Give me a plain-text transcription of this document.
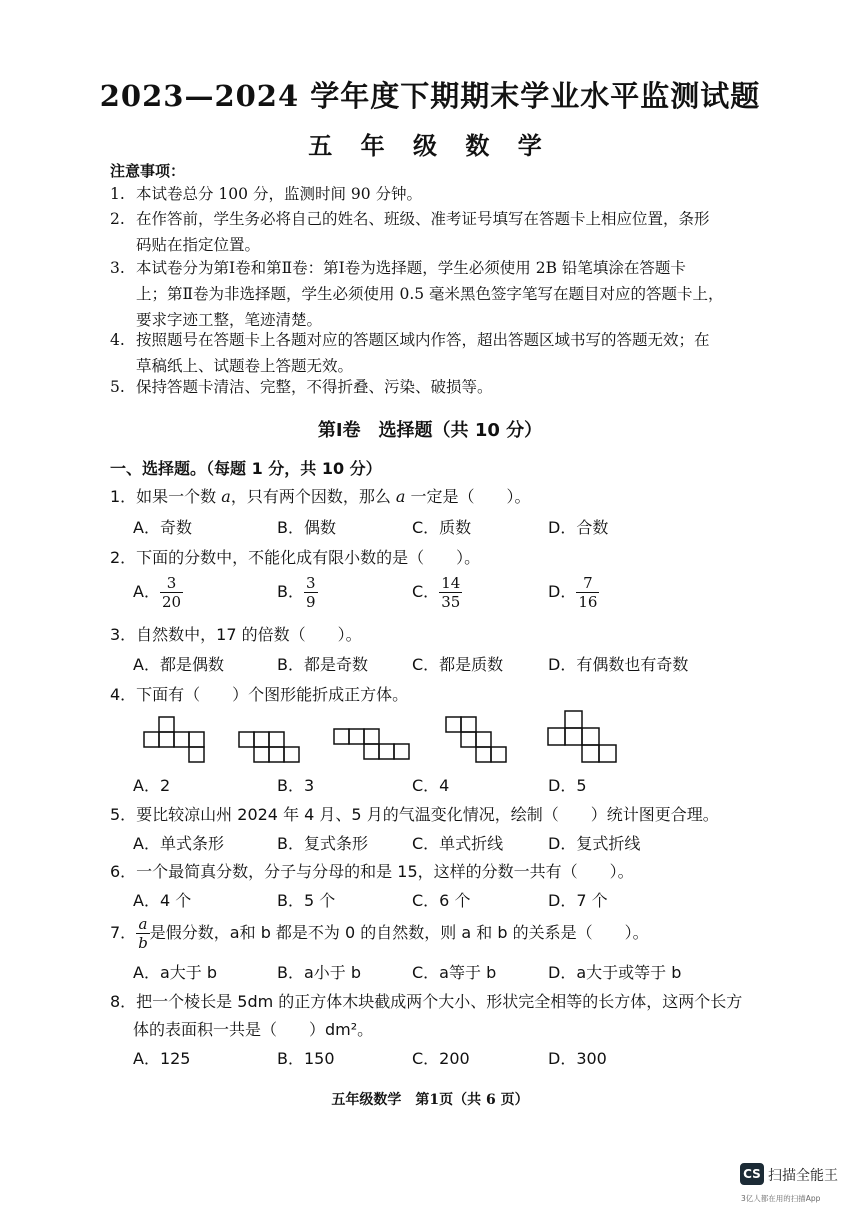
2023—2024 学年度下期期末学业水平监测试题
五 年 级 数 学
注意事项：
1. 本试卷总分 100 分，监测时间 90 分钟。
2. 在作答前，学生务必将自己的姓名、班级、准考证号填写在答题卡上相应位置，条形
码贴在指定位置。
3. 本试卷分为第Ⅰ卷和第Ⅱ卷：第Ⅰ卷为选择题，学生必须使用 2B 铅笔填涂在答题卡
上；第Ⅱ卷为非选择题，学生必须使用 0.5 毫米黑色签字笔写在题目对应的答题卡上，
要求字迹工整，笔迹清楚。
4. 按照题号在答题卡上各题对应的答题区域内作答，超出答题区域书写的答题无效；在
草稿纸上、试题卷上答题无效。
5. 保持答题卡清洁、完整，不得折叠、污染、破损等。
第Ⅰ卷　选择题（共 10 分）
一、选择题。（每题 1 分，共 10 分）
1．如果一个数 a，只有两个因数，那么 a 一定是（　　）。
A．奇数	B．偶数	C．质数	D．合数
2．下面的分数中，不能化成有限小数的是（　　）。
A． $\frac{3}{20}$	B． $\frac{3}{9}$	C． $\frac{14}{35}$	D． $\frac{7}{16}$
3．自然数中，17 的倍数（　　）。
A．都是偶数	B．都是奇数	C．都是质数	D．有偶数也有奇数
4．下面有（　　）个图形能折成正方体。
A．2	B．3	C．4	D．5
5．要比较凉山州 2024 年 4 月、5 月的气温变化情况，绘制（　　）统计图更合理。
A．单式条形	B．复式条形	C．单式折线	D．复式折线
6．一个最简真分数，分子与分母的和是 15，这样的分数一共有（　　）。
A．4 个	B．5 个	C．6 个	D．7 个
7． $\frac{a}{b}$ 是假分数，a和 b 都是不为 0 的自然数，则 a 和 b 的关系是（　　）。
A．a大于 b	B．a小于 b	C．a等于 b	D．a大于或等于 b
8．把一个棱长是 5dm 的正方体木块截成两个大小、形状完全相等的长方体，这两个长方
体的表面积一共是（　　）dm²。
A．125	B．150	C．200	D．300
五年级数学　第1页（共 6 页）
CS 扫描全能王
3亿人都在用的扫描App
